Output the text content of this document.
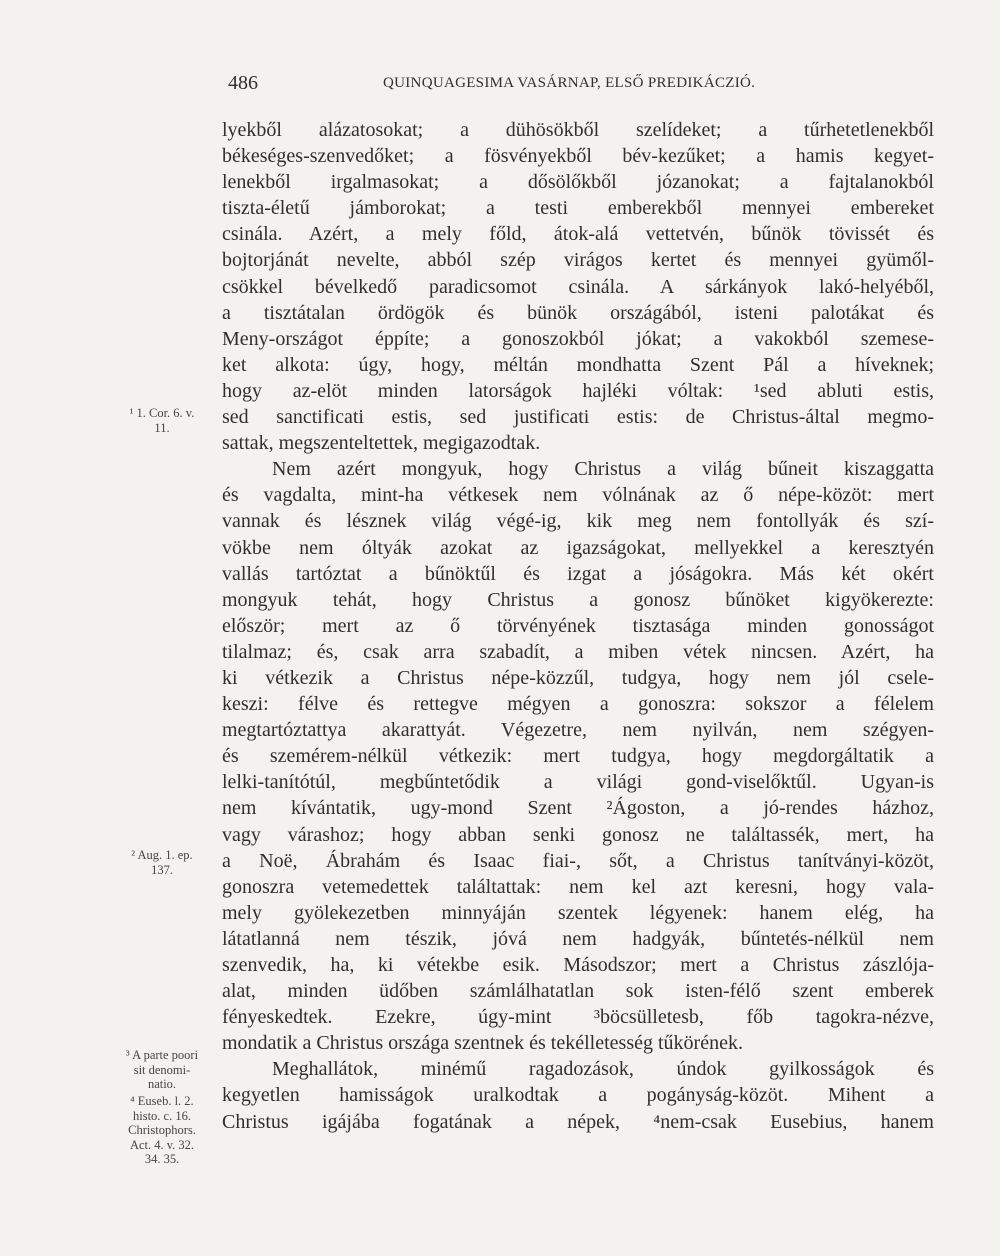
486	QUINQUAGESIMA VASÁRNAP, ELSŐ PREDIKÁCZIÓ.
lyekből alázatosokat; a dühösökből szelídeket; a tűrhetetlenekből
békeséges-szenvedőket; a fösvényekből bév-kezűket; a hamis kegyet-
lenekből irgalmasokat; a dősölőkből józanokat; a fajtalanokból
tiszta-életű jámborokat; a testi emberekből mennyei embereket
csinála. Azért, a mely főld, átok-alá vettetvén, bűnök tövissét és
bojtorjánát nevelte, abból szép virágos kertet és mennyei gyümől-
csökkel bévelkedő paradicsomot csinála. A sárkányok lakó-helyéből,
a tisztátalan ördögök és bünök országából, isteni palotákat és
Meny-országot éppíte; a gonoszokból jókat; a vakokból szemese-
ket alkota: úgy, hogy, méltán mondhatta Szent Pál a híveknek;
hogy az-elöt minden latorságok hajléki vóltak: ¹sed abluti estis,
sed sanctificati estis, sed justificati estis: de Christus-által megmo-
sattak, megszenteltettek, megigazodtak.
Nem azért mongyuk, hogy Christus a világ bűneit kiszaggatta
és vagdalta, mint-ha vétkesek nem vólnának az ő népe-közöt: mert
vannak és lésznek világ végé-ig, kik meg nem fontollyák és szí-
vökbe nem óltyák azokat az igazságokat, mellyekkel a keresztyén
vallás tartóztat a bűnöktűl és izgat a jóságokra. Más két okért
mongyuk tehát, hogy Christus a gonosz bűnöket kigyökerezte:
először; mert az ő törvényének tisztasága minden gonosságot
tilalmaz; és, csak arra szabadít, a miben vétek nincsen. Azért, ha
ki vétkezik a Christus népe-közzűl, tudgya, hogy nem jól csele-
keszi: félve és rettegve mégyen a gonoszra: sokszor a félelem
megtartóztattya akarattyát. Végezetre, nem nyilván, nem szégyen-
és szemérem-nélkül vétkezik: mert tudgya, hogy megdorgáltatik a
lelki-tanítótúl, megbűntetődik a világi gond-viselőktűl. Ugyan-is
nem kívántatik, ugy-mond Szent ²Ágoston, a jó-rendes házhoz,
vagy várashoz; hogy abban senki gonosz ne találtassék, mert, ha
a Noë, Ábrahám és Isaac fiai-, sőt, a Christus tanítványi-közöt,
gonoszra vetemedettek találtattak: nem kel azt keresni, hogy vala-
mely gyölekezetben minnyáján szentek légyenek: hanem elég, ha
látatlanná nem tészik, jóvá nem hadgyák, bűntetés-nélkül nem
szenvedik, ha, ki vétekbe esik. Másodszor; mert a Christus zászlója-
alat, minden üdőben számlálhatatlan sok isten-félő szent emberek
fényeskedtek. Ezekre, úgy-mint ³böcsülletesb, főb tagokra-nézve,
mondatik a Christus országa szentnek és tekélletesség tűkörének.
Meghallátok, minémű ragadozások, úndok gyilkosságok és
kegyetlen hamisságok uralkodtak a pogányság-közöt. Mihent a
Christus igájába fogatának a népek, ⁴nem-csak Eusebius, hanem
¹ 1. Cor. 6. v.
11.
² Aug. 1. ep.
137.
³ A parte poori
sit denomi-
natio.
⁴ Euseb. l. 2.
histo. c. 16.
Christophors.
Act. 4. v. 32.
34. 35.
